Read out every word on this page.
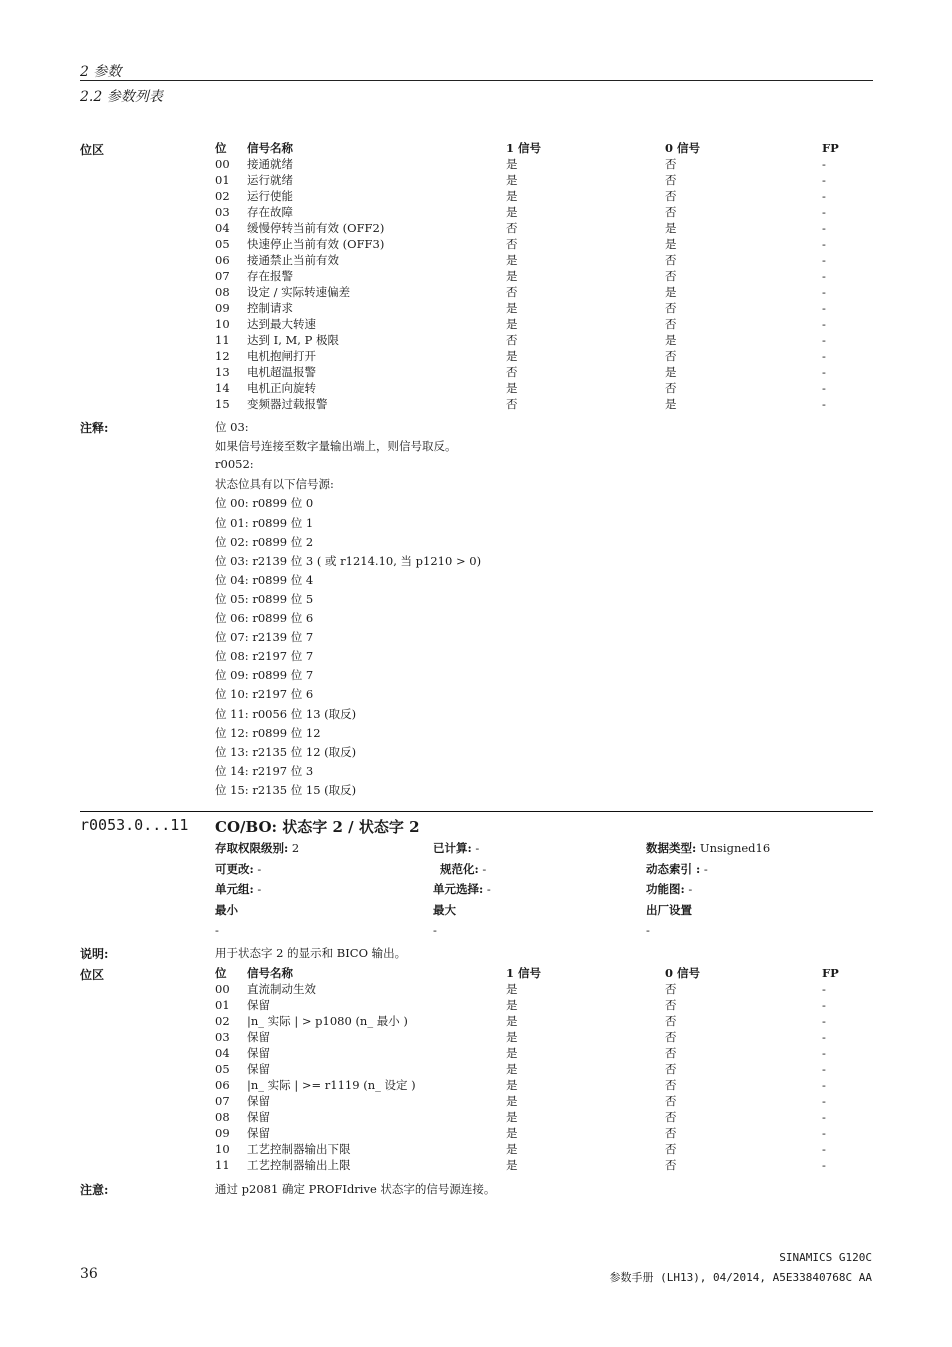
2 参数
2.2 参数列表
位区	位 信号名称	1 信号	0 信号	FP
00 接通就绪	是	否	-
01 运行就绪	是	否	-
02 运行使能	是	否	-
03 存在故障	是	否	-
04 缓慢停转当前有效 (OFF2)	否	是	-
05 快速停止当前有效 (OFF3)	否	是	-
06 接通禁止当前有效	是	否	-
07 存在报警	是	否	-
08 设定 / 实际转速偏差	否	是	-
09 控制请求	是	否	-
10 达到最大转速	是	否	-
11 达到 I, M, P 极限	否	是	-
12 电机抱闸打开	是	否	-
13 电机超温报警	否	是	-
14 电机正向旋转	是	否	-
15 变频器过载报警	否	是	-
注释:	位 03:
如果信号连接至数字量输出端上，则信号取反。
r0052:
状态位具有以下信号源:
位 00: r0899 位 0
位 01: r0899 位 1
位 02: r0899 位 2
位 03: r2139 位 3 ( 或 r1214.10, 当 p1210 > 0)
位 04: r0899 位 4
位 05: r0899 位 5
位 06: r0899 位 6
位 07: r2139 位 7
位 08: r2197 位 7
位 09: r0899 位 7
位 10: r2197 位 6
位 11: r0056 位 13 (取反)
位 12: r0899 位 12
位 13: r2135 位 12 (取反)
位 14: r2197 位 3
位 15: r2135 位 15 (取反)
r0053.0...11 CO/BO: 状态字 2 / 状态字 2
存取权限级别: 2	已计算: -	数据类型: Unsigned16
可更改: -	规范化: -	动态索引 : -
单元组: -	单元选择: -	功能图: -
最小	最大	出厂设置
-	-	-
说明:	用于状态字 2 的显示和 BICO 输出。
位区	位 信号名称	1 信号	0 信号	FP
00 直流制动生效	是	否	-
01 保留	是	否	-
02 |n_ 实际 | > p1080 (n_ 最小 )	是	否	-
03 保留	是	否	-
04 保留	是	否	-
05 保留	是	否	-
06 |n_ 实际 | >= r1119 (n_ 设定 )	是	否	-
07 保留	是	否	-
08 保留	是	否	-
09 保留	是	否	-
10 工艺控制器输出下限	是	否	-
11 工艺控制器输出上限	是	否	-
注意:	通过 p2081 确定 PROFIdrive 状态字的信号源连接。
36
SINAMICS G120C
参数手册 (LH13), 04/2014, A5E33840768C AA
